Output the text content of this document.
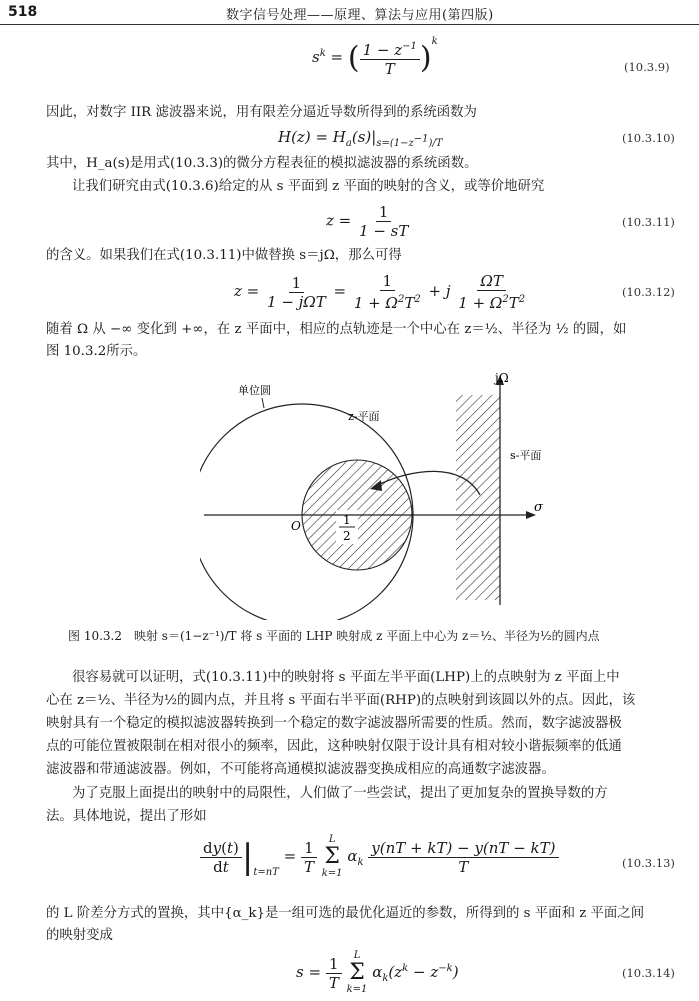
518	数字信号处理——原理、算法与应用(第四版)
$s^k$ = ( $\frac{1 - z^{-1}}{T} )^k$
(10.3.9)
因此，对数字 IIR 滤波器来说，用有限差分逼近导数所得到的系统函数为
$H(z) = H_a(s)|_{s=(1-z^{-1})/T}$	(10.3.10)
其中，H_a(s)是用式(10.3.3)的微分方程表征的模拟滤波器的系统函数。
让我们研究由式(10.3.6)给定的从 s 平面到 z 平面的映射的含义，或等价地研究
$z = \frac{1}{1 - sT}$	(10.3.11)
的含义。如果我们在式(10.3.11)中做替换 s＝jΩ，那么可得
$z = \frac{1}{\text{1 − jΩT}} = \frac{1}{1 + \Omega^2T^2} + j \frac{\Omega T}{1 + \Omega^2T^2}$	(10.3.12)
随着 Ω 从 −∞ 变化到 +∞，在 z 平面中，相应的点轨迹是一个中心在 z＝½、半径为 ½ 的圆，如
图 10.3.2所示。
单位圆
z-平面
s-平面
jΩ
σ
O	1
2
图 10.3.2　映射 s＝(1−z⁻¹)/T 将 s 平面的 LHP 映射成 z 平面上中心为 z＝½、半径为½的圆内点
很容易就可以证明，式(10.3.11)中的映射将 s 平面左半平面(LHP)上的点映射为 z 平面上中
心在 z＝½、半径为½的圆内点，并且将 s 平面右半平面(RHP)的点映射到该圆以外的点。因此，该
映射具有一个稳定的模拟滤波器转换到一个稳定的数字滤波器所需要的性质。然而，数字滤波器极
点的可能位置被限制在相对很小的频率，因此，这种映射仅限于设计具有相对较小谐振频率的低通
滤波器和带通滤波器。例如，不可能将高通模拟滤波器变换成相应的高通数字滤波器。
为了克服上面提出的映射中的局限性，人们做了一些尝试，提出了更加复杂的置换导数的方
法。具体地说，提出了形如
$\frac{dy(t)}{dt} |_{t=nT} = \frac{1}{T}$
L
Σ
k=1
$\alpha_k \frac{y(nT + kT) - y(nT - kT)}{T}$	(10.3.13)
的 L 阶差分方式的置换，其中{α_k}是一组可选的最优化逼近的参数，所得到的 s 平面和 z 平面之间
的映射变成
$s = \frac{1}{T}$
L
Σ
k=1
$\alpha_k(z^k - z^{-k})$	(10.3.14)
